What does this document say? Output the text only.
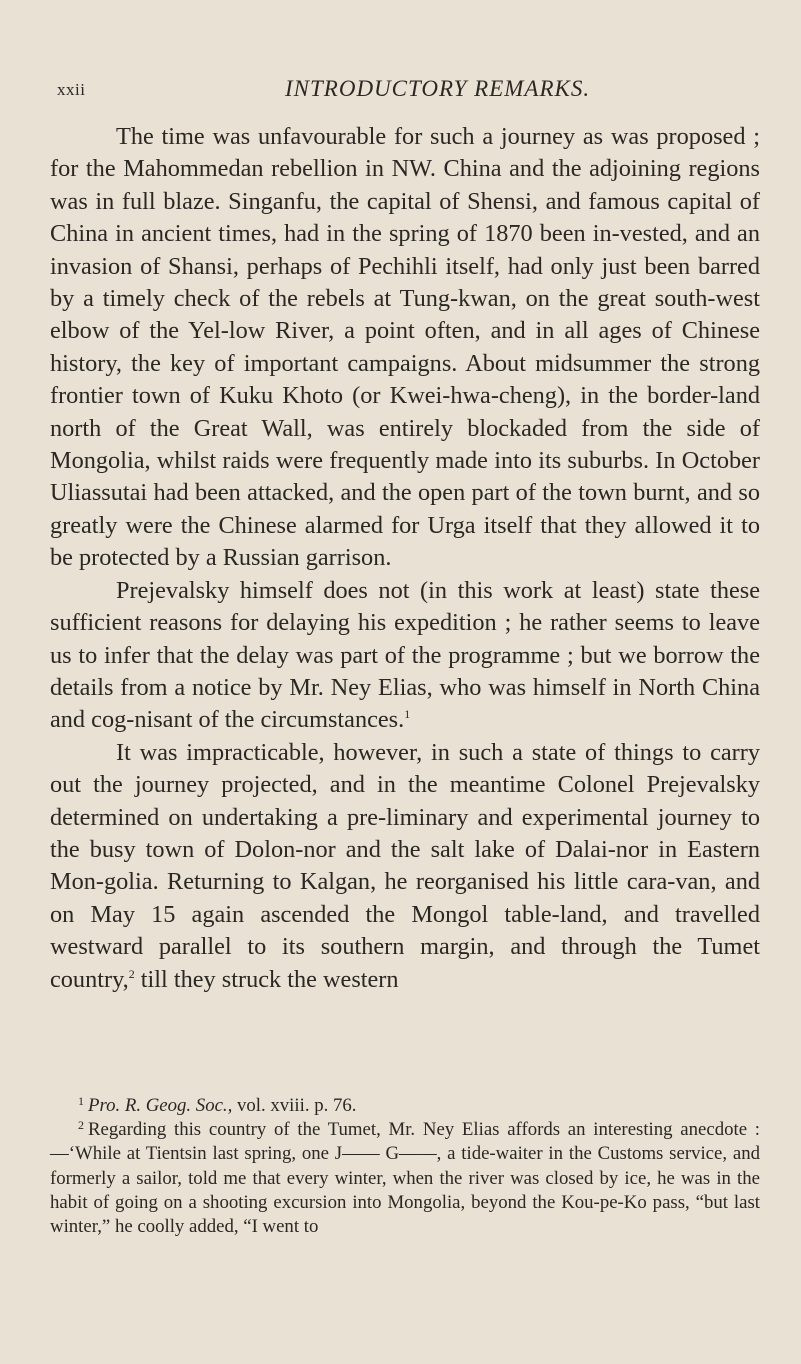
xxii	INTRODUCTORY REMARKS.

The time was unfavourable for such a journey as was proposed ; for the Mahommedan rebellion in NW. China and the adjoining regions was in full blaze. Singanfu, the capital of Shensi, and famous capital of China in ancient times, had in the spring of 1870 been in-vested, and an invasion of Shansi, perhaps of Pechihli itself, had only just been barred by a timely check of the rebels at Tung-kwan, on the great south-west elbow of the Yel-low River, a point often, and in all ages of Chinese history, the key of important campaigns. About midsummer the strong frontier town of Kuku Khoto (or Kwei-hwa-cheng), in the border-land north of the Great Wall, was entirely blockaded from the side of Mongolia, whilst raids were frequently made into its suburbs. In October Uliassutai had been attacked, and the open part of the town burnt, and so greatly were the Chinese alarmed for Urga itself that they allowed it to be protected by a Russian garrison.

Prejevalsky himself does not (in this work at least) state these sufficient reasons for delaying his expedition ; he rather seems to leave us to infer that the delay was part of the programme ; but we borrow the details from a notice by Mr. Ney Elias, who was himself in North China and cog-nisant of the circumstances.$^1$

It was impracticable, however, in such a state of things to carry out the journey projected, and in the meantime Colonel Prejevalsky determined on undertaking a pre-liminary and experimental journey to the busy town of Dolon-nor and the salt lake of Dalai-nor in Eastern Mon-golia. Returning to Kalgan, he reorganised his little cara-van, and on May 15 again ascended the Mongol table-land, and travelled westward parallel to its southern margin, and through the Tumet country,$^2$ till they struck the western

$^1$ Pro. R. Geog. Soc., vol. xviii. p. 76.

$^2$ Regarding this country of the Tumet, Mr. Ney Elias affords an interesting anecdote :—‘While at Tientsin last spring, one J—— G——, a tide-waiter in the Customs service, and formerly a sailor, told me that every winter, when the river was closed by ice, he was in the habit of going on a shooting excursion into Mongolia, beyond the Kou-pe-Ko pass, “but last winter,” he coolly added, “I went to
